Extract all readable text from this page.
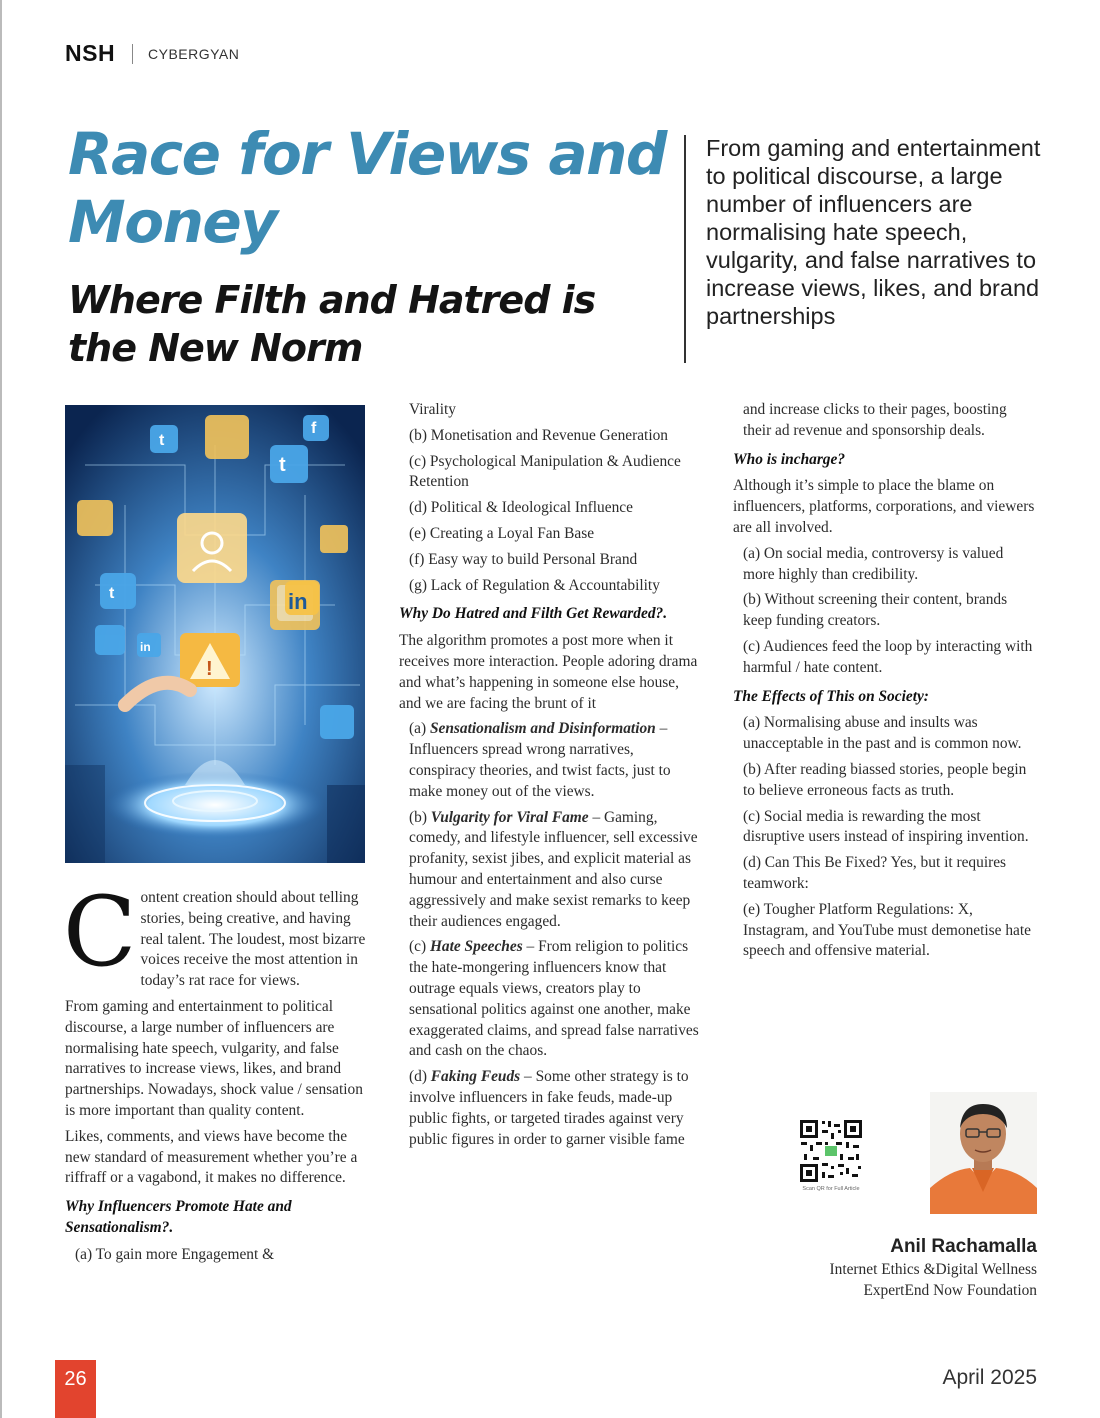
NSH CYBERGYAN
Race for Views and Money
Where Filth and Hatred is the New Norm

From gaming and entertainment to political discourse, a large number of influencers are normalising hate speech, vulgarity, and false narratives to increase views, likes, and brand partnerships

t
t
in
in
f
t
!

Content creation should about telling stories, being creative, and having real talent. The loudest, most bizarre voices receive the most attention in today’s rat race for views.

From gaming and entertainment to political discourse, a large number of influencers are normalising hate speech, vulgarity, and false narratives to increase views, likes, and brand partnerships. Nowadays, shock value / sensation is more important than quality content.

Likes, comments, and views have become the new standard of measurement whether you’re a riffraff or a vagabond, it makes no difference.

Why Influencers Promote Hate and Sensationalism?.

(a) To gain more Engagement &

Virality

(b) Monetisation and Revenue Generation

(c) Psychological Manipulation & Audience Retention

(d) Political & Ideological Influence

(e) Creating a Loyal Fan Base

(f) Easy way to build Personal Brand

(g) Lack of Regulation & Accountability

Why Do Hatred and Filth Get Rewarded?.

The algorithm promotes a post more when it receives more interaction. People adoring drama and what’s happening in someone else house, and we are facing the brunt of it

(a) Sensationalism and Disinformation – Influencers spread wrong narratives, conspiracy theories, and twist facts, just to make money out of the views.

(b) Vulgarity for Viral Fame – Gaming, comedy, and lifestyle influencer, sell excessive profanity, sexist jibes, and explicit material as humour and entertainment and also curse aggressively and make sexist remarks to keep their audiences engaged.

(c) Hate Speeches – From religion to politics the hate-mongering influencers know that outrage equals views, creators play to sensational politics against one another, make exaggerated claims, and spread false narratives and cash on the chaos.

(d) Faking Feuds – Some other strategy is to involve influencers in fake feuds, made-up public fights, or targeted tirades against very public figures in order to garner visible fame

and increase clicks to their pages, boosting their ad revenue and sponsorship deals.

Who is incharge?

Although it’s simple to place the blame on influencers, platforms, corporations, and viewers are all involved.

(a) On social media, controversy is valued more highly than credibility.

(b) Without screening their content, brands keep funding creators.

(c) Audiences feed the loop by interacting with harmful / hate content.

The Effects of This on Society:

(a) Normalising abuse and insults was unacceptable in the past and is common now.

(b) After reading biassed stories, people begin to believe erroneous facts as truth.

(c) Social media is rewarding the most disruptive users instead of inspiring invention.

(d) Can This Be Fixed? Yes, but it requires teamwork:

(e) Tougher Platform Regulations: X, Instagram, and YouTube must demonetise hate speech and offensive material.

Scan QR for Full Article
Anil Rachamalla
Internet Ethics &Digital Wellness
ExpertEnd Now Foundation
26	April 2025
